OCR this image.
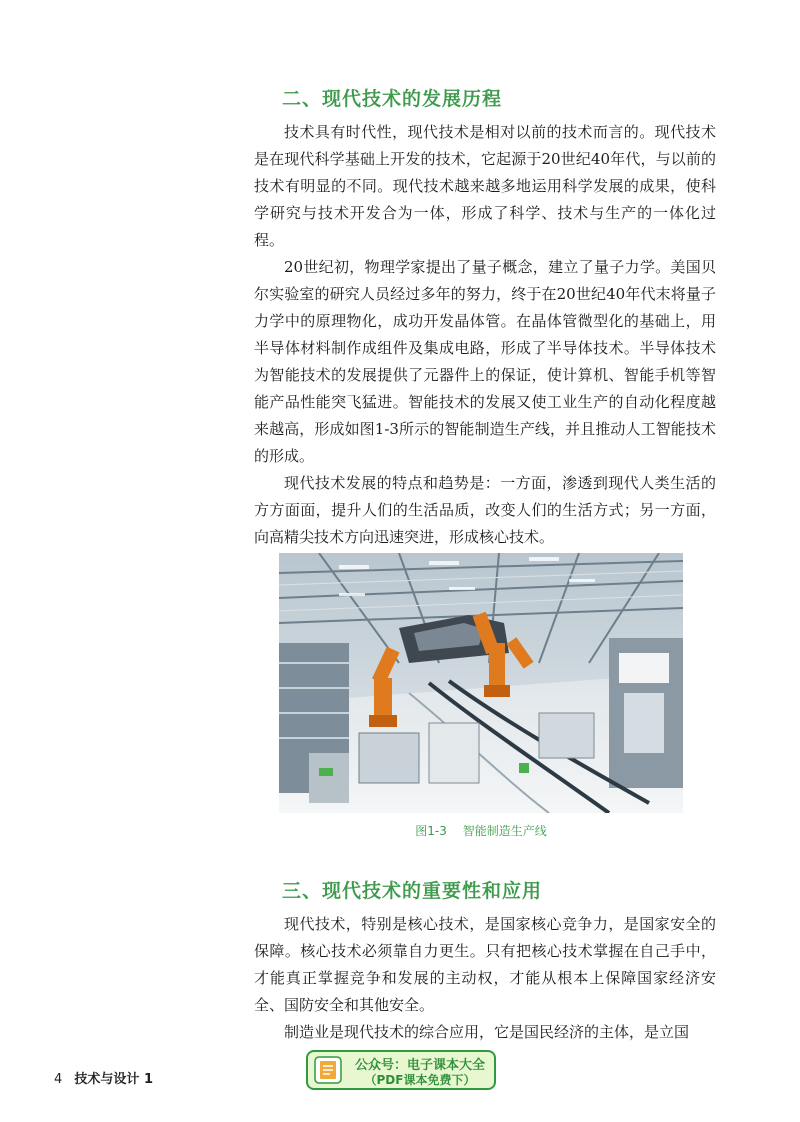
二、现代技术的发展历程

技术具有时代性，现代技术是相对以前的技术而言的。现代技术是在现代科学基础上开发的技术，它起源于20世纪40年代，与以前的技术有明显的不同。现代技术越来越多地运用科学发展的成果，使科学研究与技术开发合为一体，形成了科学、技术与生产的一体化过程。

20世纪初，物理学家提出了量子概念，建立了量子力学。美国贝尔实验室的研究人员经过多年的努力，终于在20世纪40年代末将量子力学中的原理物化，成功开发晶体管。在晶体管微型化的基础上，用半导体材料制作成组件及集成电路，形成了半导体技术。半导体技术为智能技术的发展提供了元器件上的保证，使计算机、智能手机等智能产品性能突飞猛进。智能技术的发展又使工业生产的自动化程度越来越高，形成如图1-3所示的智能制造生产线，并且推动人工智能技术的形成。

现代技术发展的特点和趋势是：一方面，渗透到现代人类生活的方方面面，提升人们的生活品质，改变人们的生活方式；另一方面，向高精尖技术方向迅速突进，形成核心技术。

图1-3 智能制造生产线
三、现代技术的重要性和应用

现代技术，特别是核心技术，是国家核心竞争力，是国家安全的保障。核心技术必须靠自力更生。只有把核心技术掌握在自己手中，才能真正掌握竞争和发展的主动权，才能从根本上保障国家经济安全、国防安全和其他安全。

制造业是现代技术的综合应用，它是国民经济的主体，是立国

4 技术与设计 1
公众号：电子课本大全
（PDF课本免费下）
